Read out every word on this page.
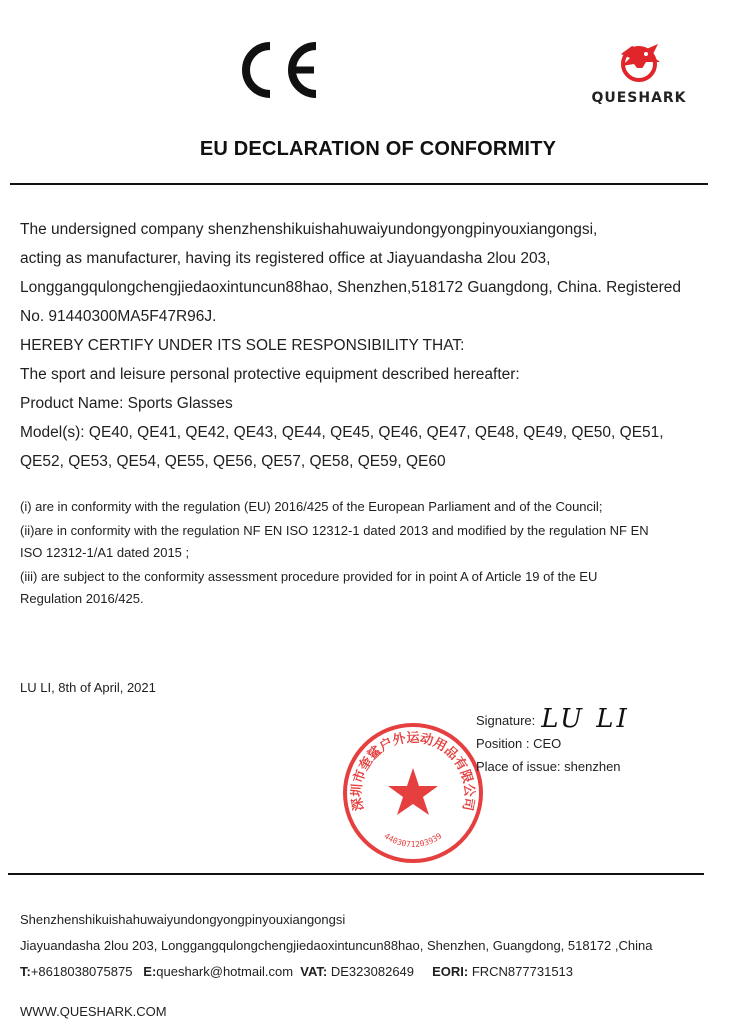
QUESHARK
EU DECLARATION OF CONFORMITY

The undersigned company shenzhenshikuishahuwaiyundongyongpinyouxiangongsi,

acting as manufacturer, having its registered office at Jiayuandasha 2lou 203,

Longgangqulongchengjiedaoxintuncun88hao, Shenzhen,518172 Guangdong, China. Registered

No. 91440300MA5F47R96J.

HEREBY CERTIFY UNDER ITS SOLE RESPONSIBILITY THAT:

The sport and leisure personal protective equipment described hereafter:

Product Name: Sports Glasses

Model(s): QE40, QE41, QE42, QE43, QE44, QE45, QE46, QE47, QE48, QE49, QE50, QE51,

QE52, QE53, QE54, QE55, QE56, QE57, QE58, QE59, QE60

(i) are in conformity with the regulation (EU) 2016/425 of the European Parliament and of the Council;

(ii)are in conformity with the regulation NF EN ISO 12312-1 dated 2013 and modified by the regulation NF EN
ISO 12312-1/A1 dated 2015 ;

(iii) are subject to the conformity assessment procedure provided for in point A of Article 19 of the EU
Regulation 2016/425.

LU LI, 8th of April, 2021
深圳市奎鲨户外运动用品有限公司
4403071203939
Signature: LU LI
Position : CEO
Place of issue: shenzhen
Shenzhenshikuishahuwaiyundongyongpinyouxiangongsi
Jiayuandasha 2lou 203, Longgangqulongchengjiedaoxintuncun88hao, Shenzhen, Guangdong, 518172 ,China
T:+8618038075875 E:queshark@hotmail.com VAT: DE323082649 EORI: FRCN877731513
WWW.QUESHARK.COM
